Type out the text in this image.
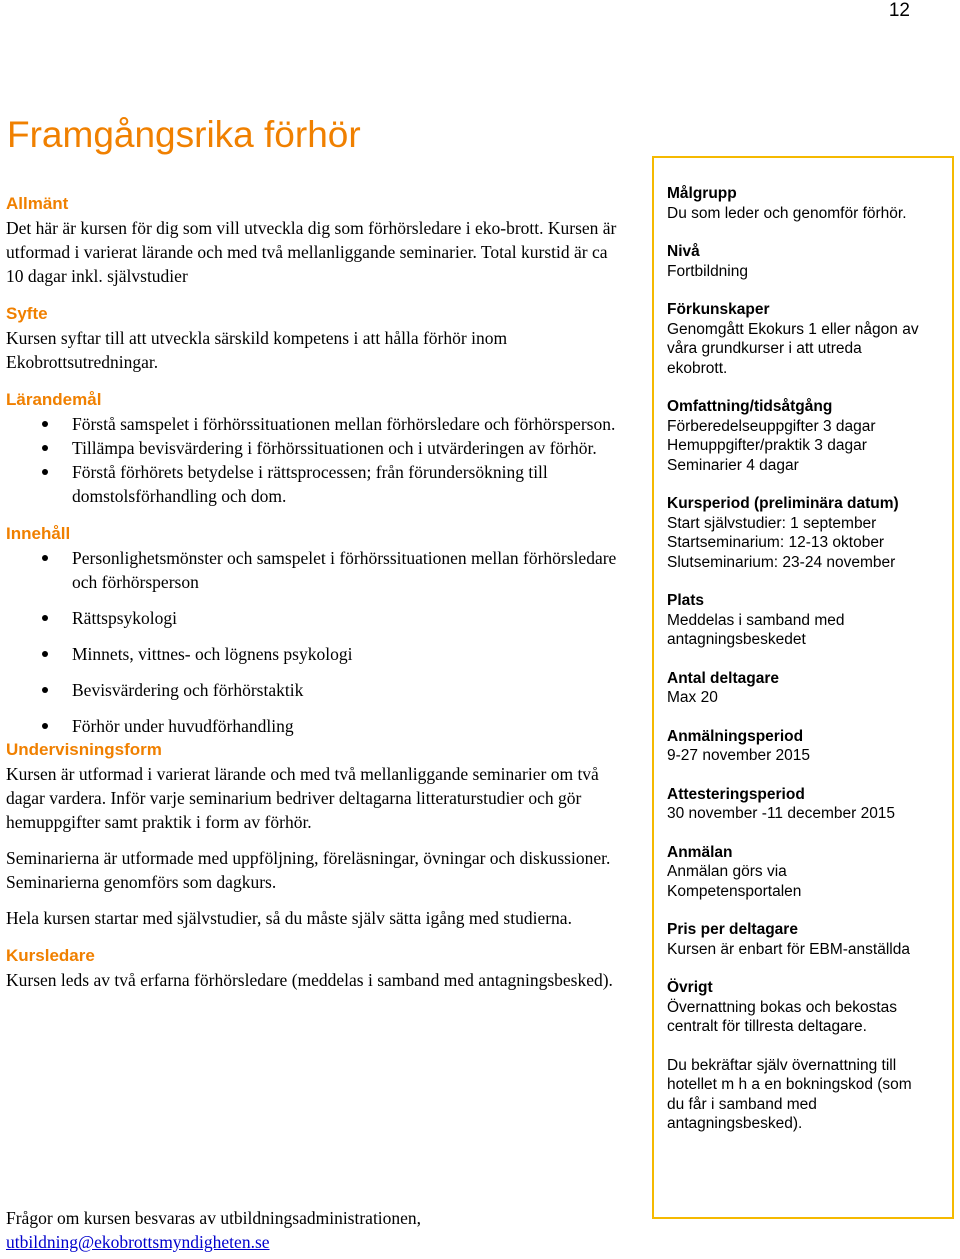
12
Framgångsrika förhör

Allmänt

Det här är kursen för dig som vill utveckla dig som förhörsledare i eko-brott. Kursen är utformad i varierat lärande och med två mellanliggande seminarier. Total kurstid är ca 10 dagar inkl. självstudier

Syfte

Kursen syftar till att utveckla särskild kompetens i att hålla förhör inom Ekobrottsutredningar.

Lärandemål

Förstå samspelet i förhörssituationen mellan förhörsledare och förhörsperson.
Tillämpa bevisvärdering i förhörssituationen och i utvärderingen av förhör.
Förstå förhörets betydelse i rättsprocessen; från förundersökning till domstolsförhandling och dom.

Innehåll

Personlighetsmönster och samspelet i förhörssituationen mellan förhörsledare och förhörsperson
Rättspsykologi
Minnets, vittnes- och lögnens psykologi
Bevisvärdering och förhörstaktik
Förhör under huvudförhandling

Undervisningsform

Kursen är utformad i varierat lärande och med två mellanliggande seminarier om två dagar vardera. Inför varje seminarium bedriver deltagarna litteraturstudier och gör hemuppgifter samt praktik i form av förhör.

Seminarierna är utformade med uppföljning, föreläsningar, övningar och diskussioner. Seminarierna genomförs som dagkurs.

Hela kursen startar med självstudier, så du måste själv sätta igång med studierna.

Kursledare

Kursen leds av två erfarna förhörsledare (meddelas i samband med antagningsbesked).

Frågor om kursen besvaras av utbildningsadministrationen,
utbildning@ekobrottsmyndigheten.se
Målgrupp
Du som leder och genomför förhör.
Nivå
Fortbildning
Förkunskaper
Genomgått Ekokurs 1 eller någon av
våra grundkurser i att utreda
ekobrott.
Omfattning/tidsåtgång
Förberedelseuppgifter 3 dagar
Hemuppgifter/praktik 3 dagar
Seminarier 4 dagar
Kursperiod (preliminära datum)
Start självstudier: 1 september
Startseminarium: 12-13 oktober
Slutseminarium: 23-24 november
Plats
Meddelas i samband med
antagningsbeskedet
Antal deltagare
Max 20
Anmälningsperiod
9-27 november 2015
Attesteringsperiod
30 november -11 december 2015
Anmälan
Anmälan görs via
Kompetensportalen
Pris per deltagare
Kursen är enbart för EBM-anställda
Övrigt
Övernattning bokas och bekostas
centralt för tillresta deltagare.
Du bekräftar själv övernattning till
hotellet m h a en bokningskod (som
du får i samband med
antagningsbesked).
